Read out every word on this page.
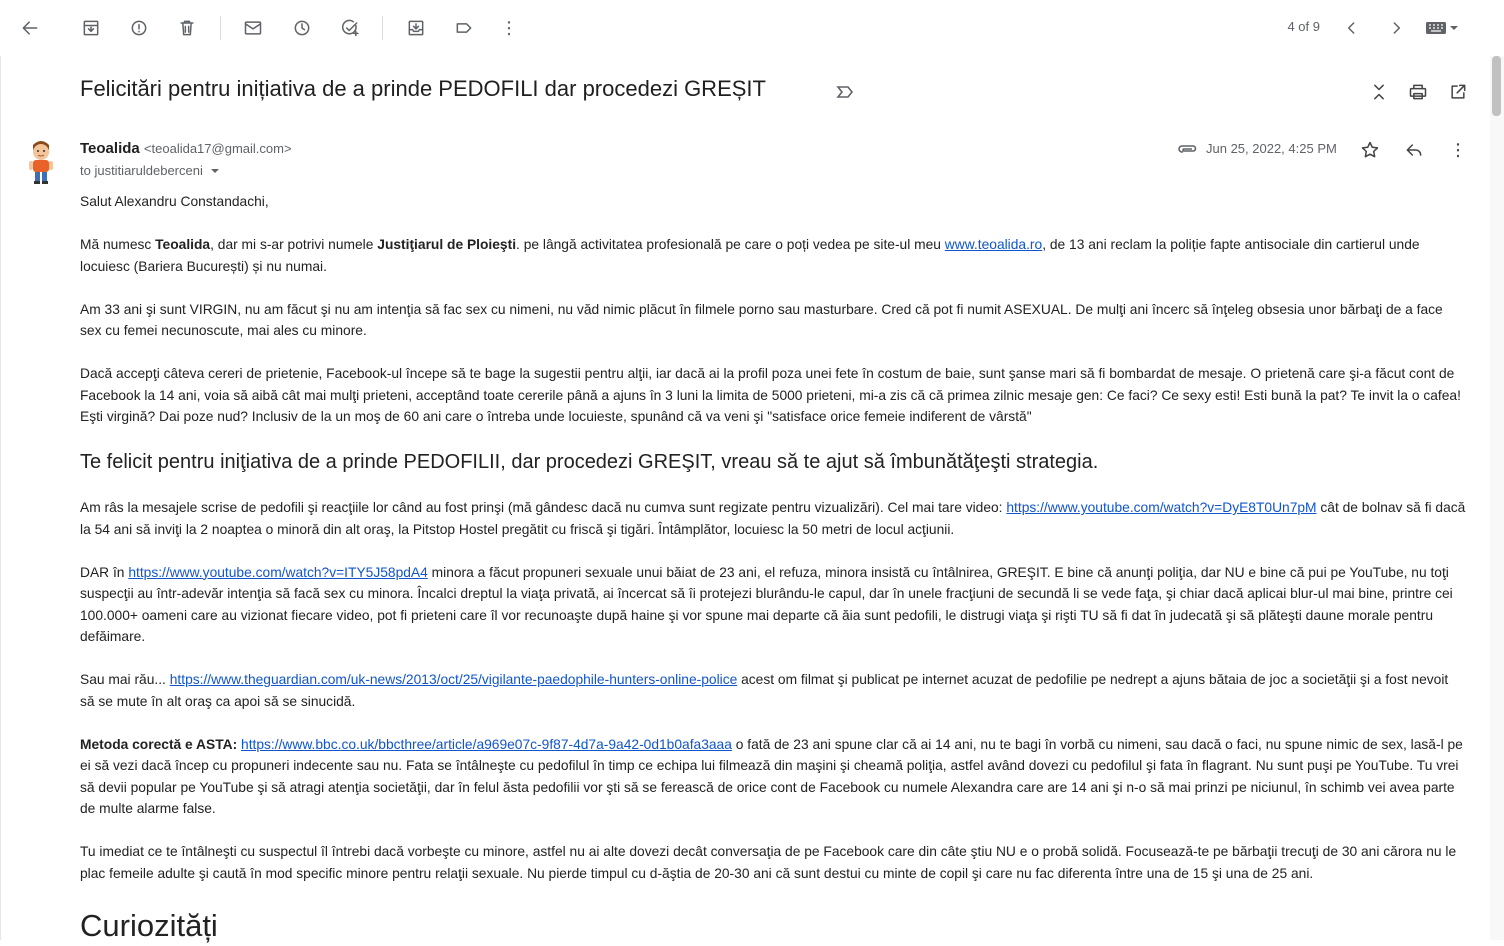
4 of 9
Felicitări pentru inițiativa de a prinde PEDOFILI dar procedezi GREȘIT
Teoalida <teoalida17@gmail.com>
to justitiaruldeberceni
Jun 25, 2022, 4:25 PM

Salut Alexandru Constandachi,

Mă numesc Teoalida, dar mi s-ar potrivi numele Justiţiarul de Ploieşti. pe lângă activitatea profesională pe care o poți vedea pe site-ul meu www.teoalida.ro, de 13 ani reclam la poliție fapte antisociale din cartierul unde locuiesc (Bariera București) și nu numai.

Am 33 ani şi sunt VIRGIN, nu am făcut şi nu am intenţia să fac sex cu nimeni, nu văd nimic plăcut în filmele porno sau masturbare. Cred că pot fi numit ASEXUAL. De mulţi ani încerc să înţeleg obsesia unor bărbaţi de a face sex cu femei necunoscute, mai ales cu minore.

Dacă accepţi câteva cereri de prietenie, Facebook-ul începe să te bage la sugestii pentru alţii, iar dacă ai la profil poza unei fete în costum de baie, sunt şanse mari să fi bombardat de mesaje. O prietenă care şi-a făcut cont de Facebook la 14 ani, voia să aibă cât mai mulţi prieteni, acceptând toate cererile până a ajuns în 3 luni la limita de 5000 prieteni, mi-a zis că că primea zilnic mesaje gen: Ce faci? Ce sexy esti! Esti bună la pat? Te invit la o cafea! Eşti virgină? Dai poze nud? Inclusiv de la un moş de 60 ani care o întreba unde locuieste, spunând că va veni şi "satisface orice femeie indiferent de vârstă"

Te felicit pentru iniţiativa de a prinde PEDOFILII, dar procedezi GREŞIT, vreau să te ajut să îmbunătăţeşti strategia.

Am râs la mesajele scrise de pedofili şi reacţiile lor când au fost prinşi (mă gândesc dacă nu cumva sunt regizate pentru vizualizări). Cel mai tare video: https://www.youtube.com/watch?v=DyE8T0Un7pM cât de bolnav să fi dacă la 54 ani să inviţi la 2 noaptea o minoră din alt oraş, la Pitstop Hostel pregătit cu friscă şi tigări. Întâmplător, locuiesc la 50 metri de locul acţiunii.

DAR în https://www.youtube.com/watch?v=ITY5J58pdA4 minora a făcut propuneri sexuale unui băiat de 23 ani, el refuza, minora insistă cu întâlnirea, GREŞIT. E bine că anunţi poliţia, dar NU e bine că pui pe YouTube, nu toţi suspecţii au într-adevăr intenţia să facă sex cu minora. Încalci dreptul la viaţa privată, ai încercat să îi protejezi blurându-le capul, dar în unele fracţiuni de secundă li se vede faţa, şi chiar dacă aplicai blur-ul mai bine, printre cei 100.000+ oameni care au vizionat fiecare video, pot fi prieteni care îl vor recunoaşte după haine şi vor spune mai departe că ăia sunt pedofili, le distrugi viaţa şi rişti TU să fi dat în judecată şi să plăteşti daune morale pentru defăimare.

Sau mai rău... https://www.theguardian.com/uk-news/2013/oct/25/vigilante-paedophile-hunters-online-police acest om filmat şi publicat pe internet acuzat de pedofilie pe nedrept a ajuns bătaia de joc a societăţii şi a fost nevoit să se mute în alt oraş ca apoi să se sinucidă.

Metoda corectă e ASTA: https://www.bbc.co.uk/bbcthree/article/a969e07c-9f87-4d7a-9a42-0d1b0afa3aaa o fată de 23 ani spune clar că ai 14 ani, nu te bagi în vorbă cu nimeni, sau dacă o faci, nu spune nimic de sex, lasă-l pe ei să vezi dacă încep cu propuneri indecente sau nu. Fata se întâlneşte cu pedofilul în timp ce echipa lui filmează din maşini şi cheamă poliţia, astfel având dovezi cu pedofilul şi fata în flagrant. Nu sunt puşi pe YouTube. Tu vrei să devii popular pe YouTube şi să atragi atenţia societăţii, dar în felul ăsta pedofilii vor şti să se ferească de orice cont de Facebook cu numele Alexandra care are 14 ani şi n-o să mai prinzi pe niciunul, în schimb vei avea parte de multe alarme false.

Tu imediat ce te întâlneşti cu suspectul îl întrebi dacă vorbeşte cu minore, astfel nu ai alte dovezi decât conversaţia de pe Facebook care din câte ştiu NU e o probă solidă. Focusează-te pe bărbaţii trecuţi de 30 ani cărora nu le plac femeile adulte şi caută în mod specific minore pentru relaţii sexuale. Nu pierde timpul cu d-ăştia de 20-30 ani că sunt destui cu minte de copil şi care nu fac diferenta între una de 15 şi una de 25 ani.

Curiozități
